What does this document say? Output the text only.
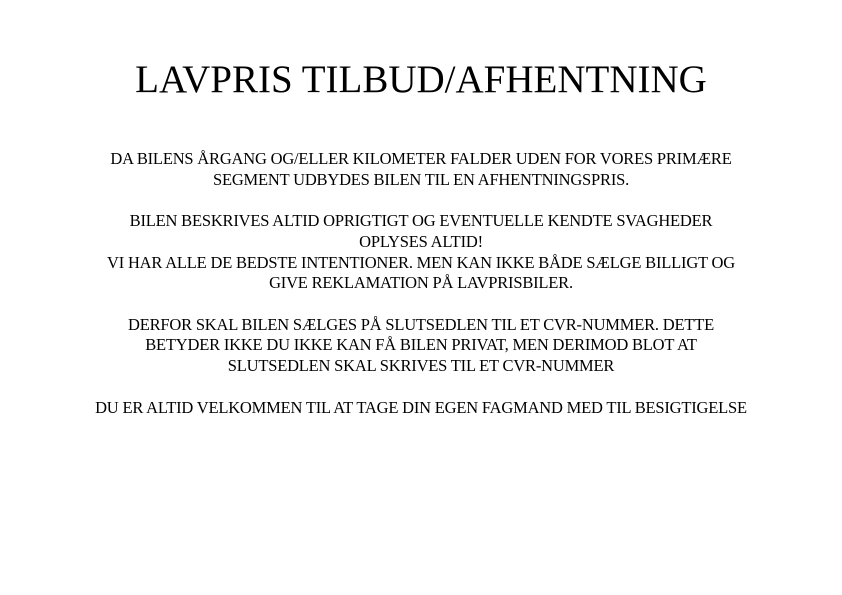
LAVPRIS TILBUD/AFHENTNING
DA BILENS ÅRGANG OG/ELLER KILOMETER FALDER UDEN FOR VORES PRIMÆRE
SEGMENT UDBYDES BILEN TIL EN AFHENTNINGSPRIS.
BILEN BESKRIVES ALTID OPRIGTIGT OG EVENTUELLE KENDTE SVAGHEDER
OPLYSES ALTID!
VI HAR ALLE DE BEDSTE INTENTIONER. MEN KAN IKKE BÅDE SÆLGE BILLIGT OG
GIVE REKLAMATION PÅ LAVPRISBILER.
DERFOR SKAL BILEN SÆLGES PÅ SLUTSEDLEN TIL ET CVR-NUMMER. DETTE
BETYDER IKKE DU IKKE KAN FÅ BILEN PRIVAT, MEN DERIMOD BLOT AT
SLUTSEDLEN SKAL SKRIVES TIL ET CVR-NUMMER
DU ER ALTID VELKOMMEN TIL AT TAGE DIN EGEN FAGMAND MED TIL BESIGTIGELSE
